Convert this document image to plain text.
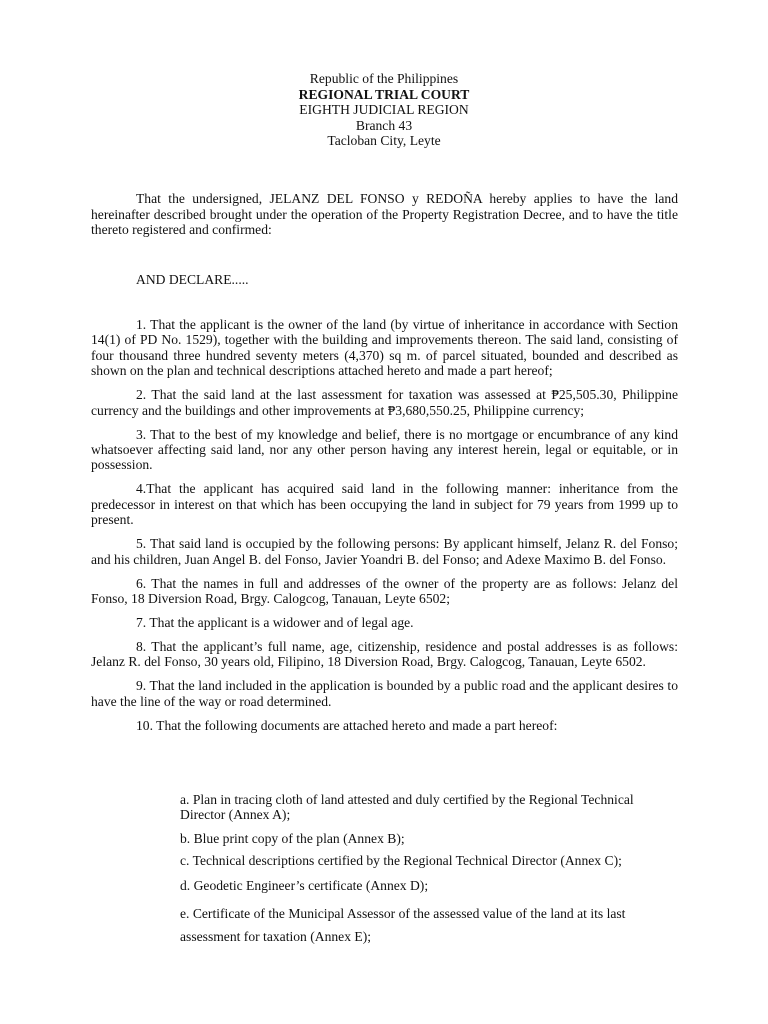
Republic of the Philippines
REGIONAL TRIAL COURT
EIGHTH JUDICIAL REGION
Branch 43
Tacloban City, Leyte
That the undersigned, JELANZ DEL FONSO y REDOÑA hereby applies to have the land hereinafter described brought under the operation of the Property Registration Decree, and to have the title thereto registered and confirmed:
AND DECLARE.....

1. That the applicant is the owner of the land (by virtue of inheritance in accordance with Section 14(1) of PD No. 1529), together with the building and improvements thereon. The said land, consisting of four thousand three hundred seventy meters (4,370) sq m. of parcel situated, bounded and described as shown on the plan and technical descriptions attached hereto and made a part hereof;

2. That the said land at the last assessment for taxation was assessed at ₱25,505.30, Philippine currency and the buildings and other improvements at ₱3,680,550.25, Philippine currency;

3. That to the best of my knowledge and belief, there is no mortgage or encumbrance of any kind whatsoever affecting said land, nor any other person having any interest herein, legal or equitable, or in possession.

4.That the applicant has acquired said land in the following manner: inheritance from the predecessor in interest on that which has been occupying the land in subject for 79 years from 1999 up to present.

5. That said land is occupied by the following persons: By applicant himself, Jelanz R. del Fonso; and his children, Juan Angel B. del Fonso, Javier Yoandri B. del Fonso; and Adexe Maximo B. del Fonso.

6. That the names in full and addresses of the owner of the property are as follows: Jelanz del Fonso, 18 Diversion Road, Brgy. Calogcog, Tanauan, Leyte 6502;

7. That the applicant is a widower and of legal age.

8. That the applicant’s full name, age, citizenship, residence and postal addresses is as follows: Jelanz R. del Fonso, 30 years old, Filipino, 18 Diversion Road, Brgy. Calogcog, Tanauan, Leyte 6502.

9. That the land included in the application is bounded by a public road and the applicant desires to have the line of the way or road determined.

10. That the following documents are attached hereto and made a part hereof:

a. Plan in tracing cloth of land attested and duly certified by the Regional Technical Director (Annex A);

b. Blue print copy of the plan (Annex B);

c. Technical descriptions certified by the Regional Technical Director (Annex C);

d. Geodetic Engineer’s certificate (Annex D);

e. Certificate of the Municipal Assessor of the assessed value of the land at its last assessment for taxation (Annex E);
